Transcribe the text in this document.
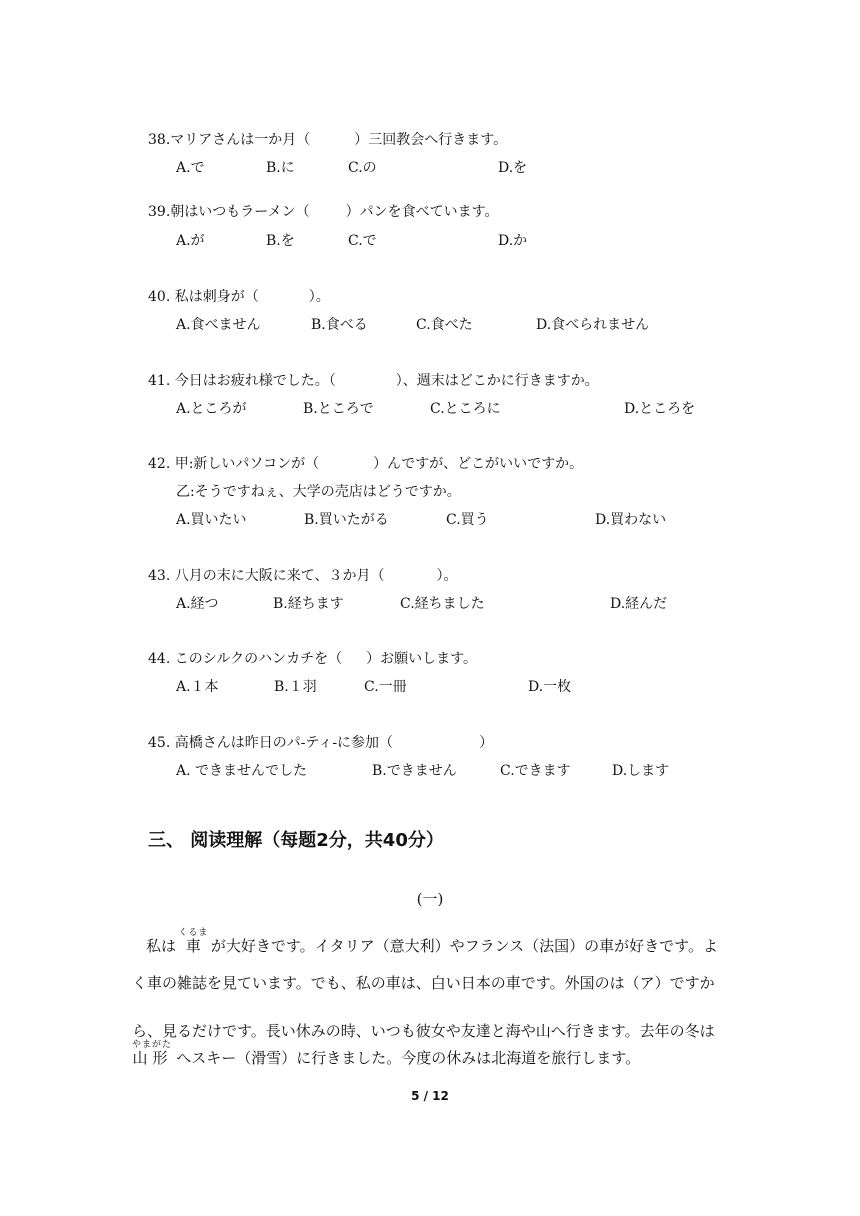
38.マリアさんは一か月（	）三回教会へ行きます。
A.で	B.に	C.の	D.を
39.朝はいつもラーメン（	）パンを食べています。
A.が	B.を	C.で	D.か
40. 私は刺身が（	）。
A.食べません	B.食べる	C.食べた	D.食べられません
41. 今日はお疲れ様でした。（	）、週末はどこかに行きますか。
A.ところが	B.ところで	C.ところに	D.ところを
42. 甲:新しいパソコンが（	）んですが、どこがいいですか。
乙:そうですねぇ、大学の売店はどうですか。
A.買いたい	B.買いたがる	C.買う	D.買わない
43. 八月の末に大阪に来て、３か月（	）。
A.経つ	B.経ちます	C.経ちました	D.経んだ
44. このシルクのハンカチを（ ）お願いします。
A.１本	B.１羽	C.一冊	D.一枚
45. 高橋さんは昨日のパ-ティ-に参加（	）
A. できませんでした	B.できません	C.できます	D.します
三、 阅读理解（每题2分，共40分）
(一)
私は 車くるま が大好きです。イタリア（意大利）やフランス（法国）の車が好きです。よ
く車の雑誌を見ています。でも、私の車は、白い日本の車です。外国のは（ア）ですか
ら、見るだけです。長い休みの時、いつも彼女や友達と海や山へ行きます。去年の冬は
山形やまがた へスキー（滑雪）に行きました。今度の休みは北海道を旅行します。
5 / 12
